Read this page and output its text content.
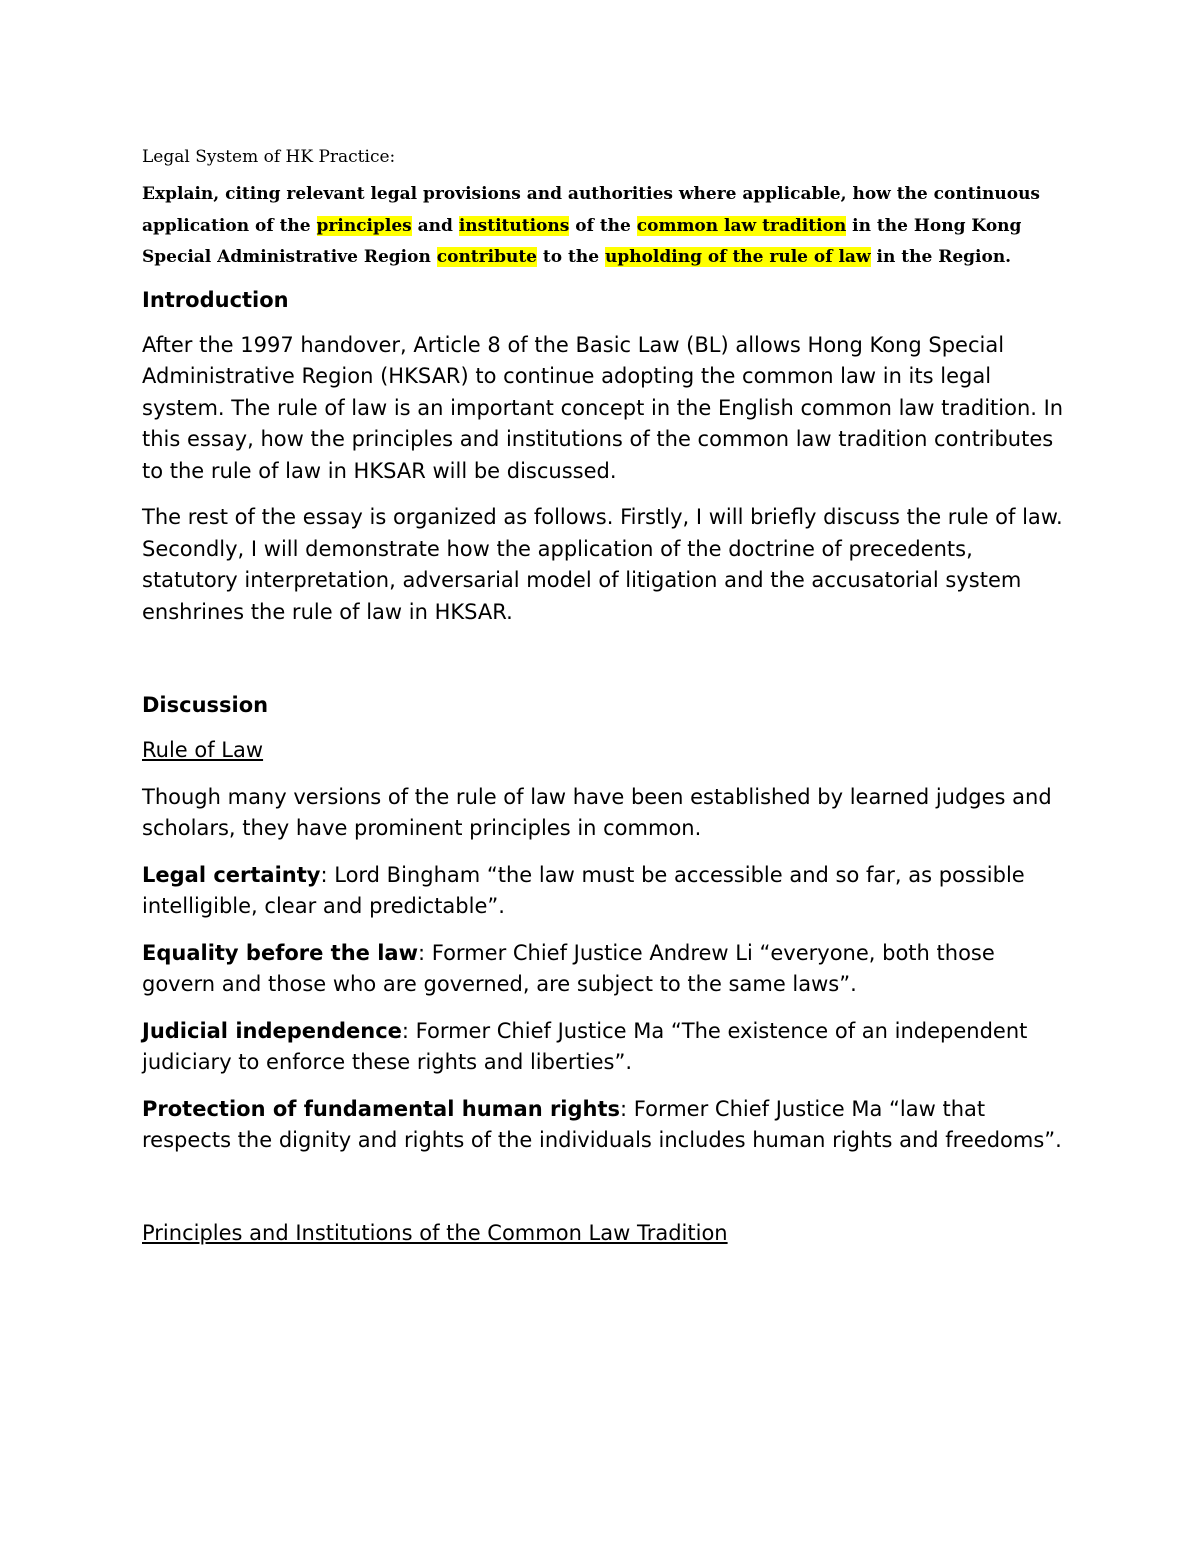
Legal System of HK Practice:

Explain, citing relevant legal provisions and authorities where applicable, how the continuous application of the principles and institutions of the common law tradition in the Hong Kong Special Administrative Region contribute to the upholding of the rule of law in the Region.

Introduction

After the 1997 handover, Article 8 of the Basic Law (BL) allows Hong Kong Special Administrative Region (HKSAR) to continue adopting the common law in its legal system. The rule of law is an important concept in the English common law tradition. In this essay, how the principles and institutions of the common law tradition contributes to the rule of law in HKSAR will be discussed.

The rest of the essay is organized as follows. Firstly, I will briefly discuss the rule of law. Secondly, I will demonstrate how the application of the doctrine of precedents, statutory interpretation, adversarial model of litigation and the accusatorial system enshrines the rule of law in HKSAR.

Discussion

Rule of Law

Though many versions of the rule of law have been established by learned judges and scholars, they have prominent principles in common.

Legal certainty: Lord Bingham “the law must be accessible and so far, as possible intelligible, clear and predictable”.

Equality before the law: Former Chief Justice Andrew Li “everyone, both those govern and those who are governed, are subject to the same laws”.

Judicial independence: Former Chief Justice Ma “The existence of an independent judiciary to enforce these rights and liberties”.

Protection of fundamental human rights: Former Chief Justice Ma “law that respects the dignity and rights of the individuals includes human rights and freedoms”.

Principles and Institutions of the Common Law Tradition
